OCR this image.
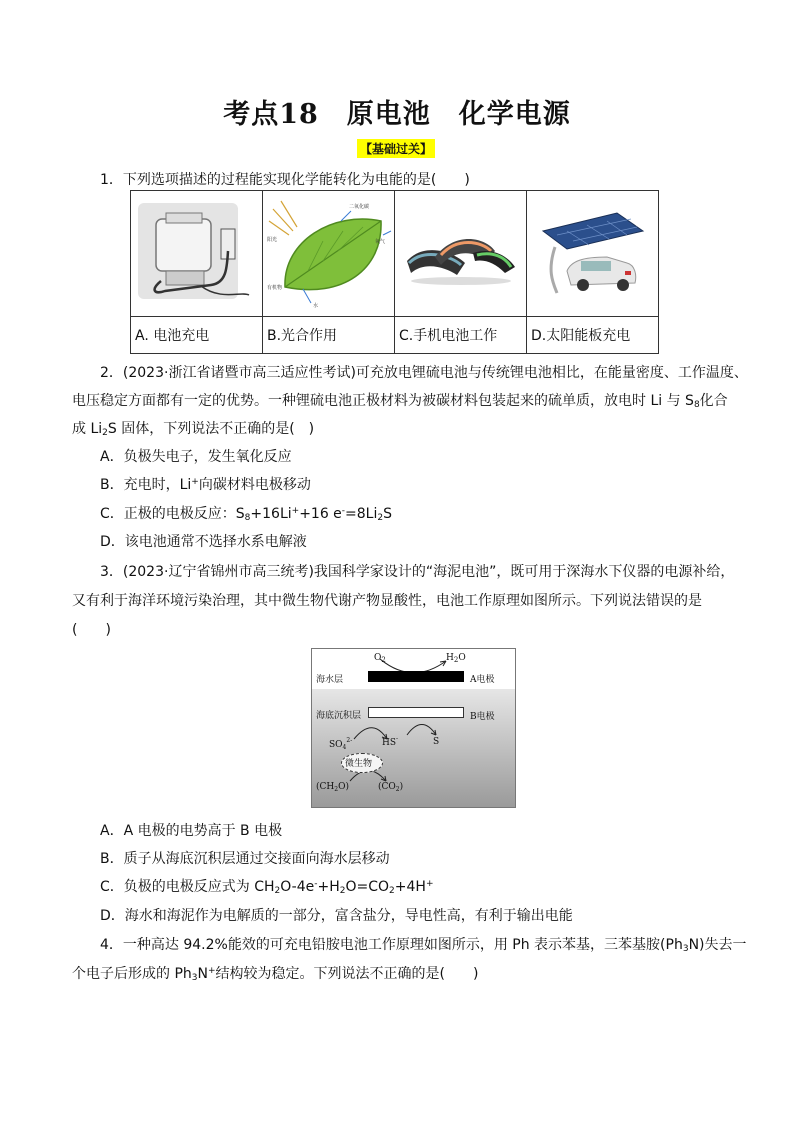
考点18　原电池　化学电源
【基础过关】
1．下列选项描述的过程能实现化学能转化为电能的是(　　)

二氧化碳
阳光
有机物
水
氧气

A. 电池充电	B.光合作用	C.手机电池工作	D.太阳能板充电
2．(2023·浙江省诸暨市高三适应性考试)可充放电锂硫电池与传统锂电池相比，在能量密度、工作温度、
电压稳定方面都有一定的优势。一种锂硫电池正极材料为被碳材料包装起来的硫单质，放电时 Li 与 $S_8$化合
成 $Li_2S$ 固体，下列说法不正确的是(　)
A．负极失电子，发生氧化反应
B．充电时，Li+向碳材料电极移动
C．正极的电极反应：$S_8+16Li^++16$ $e^-=8Li_2S$
D．该电池通常不选择水系电解液
3．(2023·辽宁省锦州市高三统考)我国科学家设计的“海泥电池”，既可用于深海水下仪器的电源补给，
又有利于海洋环境污染治理，其中微生物代谢产物显酸性，电池工作原理如图所示。下列说法错误的是
(　　)
$O_2$	$H_2O$
海水层	A电极
海底沉积层	B电极
$SO_4^{2-}$	HS-	S
微生物
$(CH_2O)$	$(CO_2)$
A．A 电极的电势高于 B 电极
B．质子从海底沉积层通过交接面向海水层移动
C．负极的电极反应式为 $CH_2O-4e^-+H_2O=CO_2+4H^+$
D．海水和海泥作为电解质的一部分，富含盐分，导电性高，有利于输出电能
4．一种高达 94.2%能效的可充电铅胺电池工作原理如图所示，用 Ph 表示苯基，三苯基胺$(Ph_3N)$失去一
个电子后形成的 $Ph_3N^+$结构较为稳定。下列说法不正确的是(　　)
